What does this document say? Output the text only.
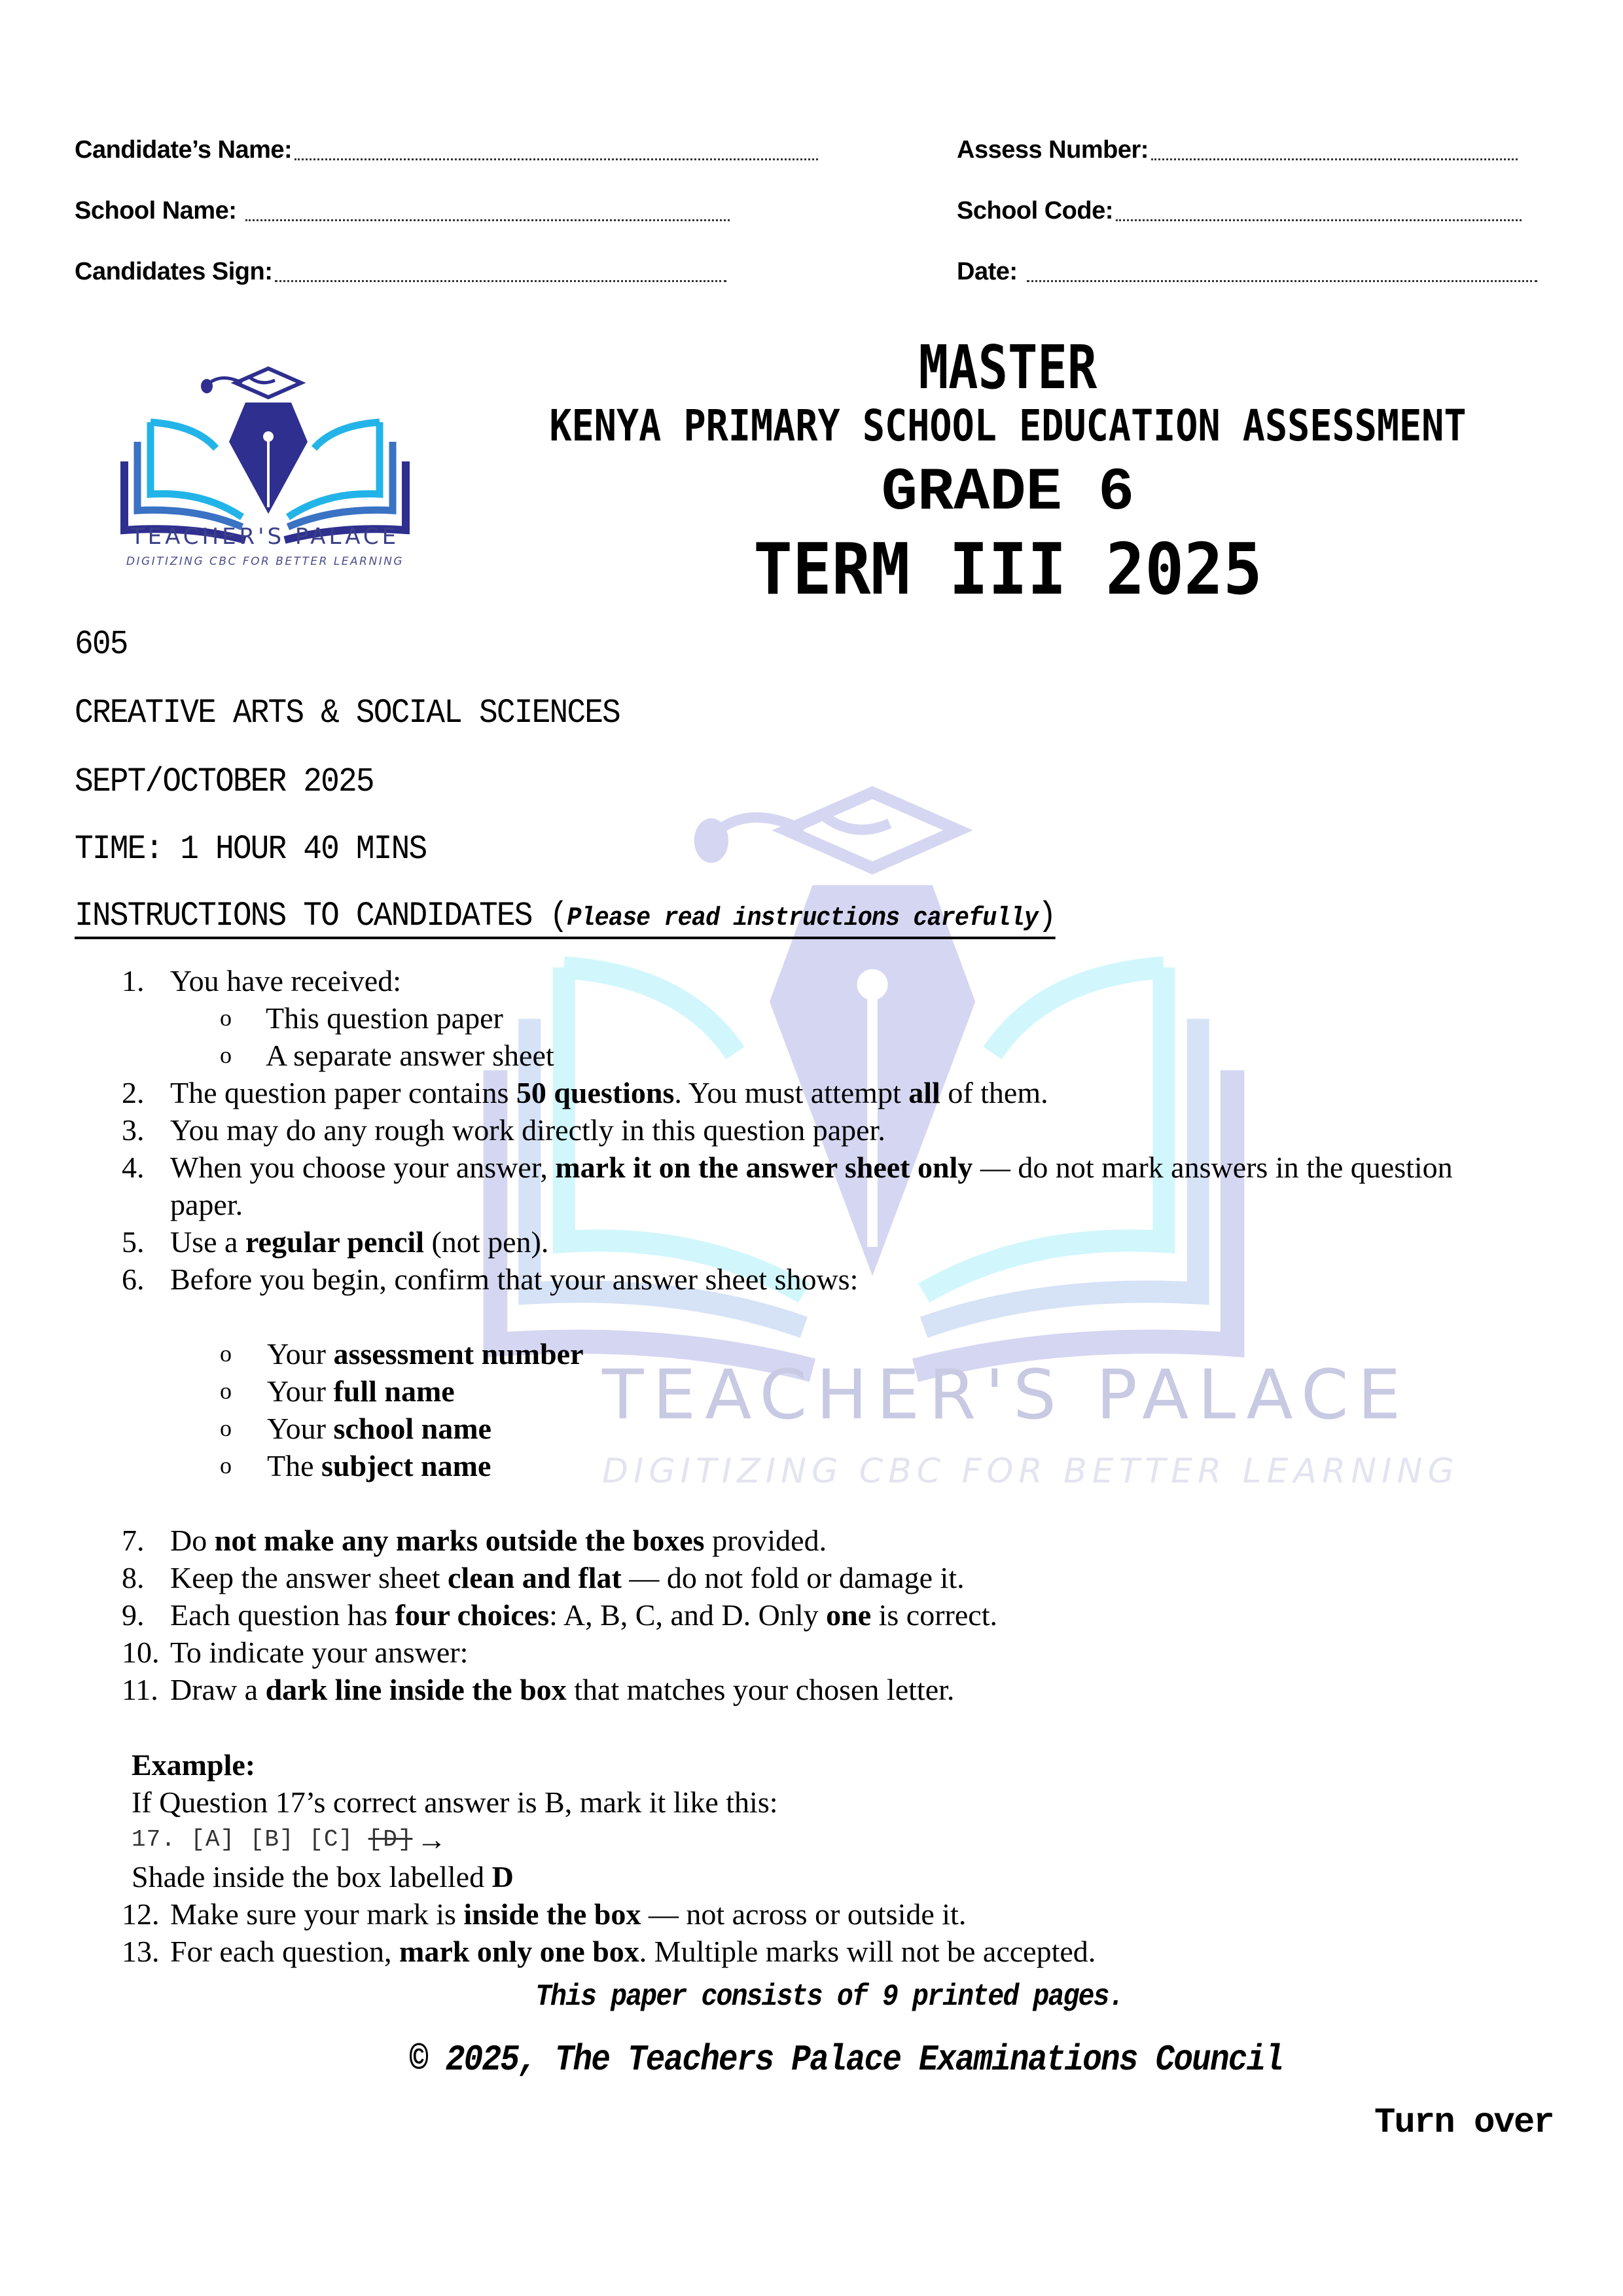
Candidate’s Name:
School Name:
Candidates Sign:
Assess Number:
School Code:
Date:
TEACHER'S PALACE
DIGITIZING CBC FOR BETTER LEARNING
MASTER
KENYA PRIMARY SCHOOL EDUCATION ASSESSMENT
GRADE 6
TERM III 2025
TEACHER'S PALACE
DIGITIZING CBC FOR BETTER LEARNING
605
CREATIVE ARTS & SOCIAL SCIENCES
SEPT/OCTOBER 2025
TIME: 1 HOUR 40 MINS
INSTRUCTIONS TO CANDIDATES (Please read instructions carefully)
1. You have received:
o	This question paper
o	A separate answer sheet
2. The question paper contains 50 questions. You must attempt all of them.
3. You may do any rough work directly in this question paper.
4. When you choose your answer, mark it on the answer sheet only — do not mark answers in the question
paper.
5. Use a regular pencil (not pen).
6. Before you begin, confirm that your answer sheet shows:
o	Your assessment number
o	Your full name
o	Your school name
o	The subject name
7. Do not make any marks outside the boxes provided.
8. Keep the answer sheet clean and flat — do not fold or damage it.
9. Each question has four choices: A, B, C, and D. Only one is correct.
10. To indicate your answer:
11. Draw a dark line inside the box that matches your chosen letter.
Example:
If Question 17’s correct answer is B, mark it like this:
17. [A] [B] [C] [D] →
Shade inside the box labelled D
12. Make sure your mark is inside the box — not across or outside it.
13. For each question, mark only one box. Multiple marks will not be accepted.
This paper consists of 9 printed pages.
© 2025, The Teachers Palace Examinations Council
Turn over
